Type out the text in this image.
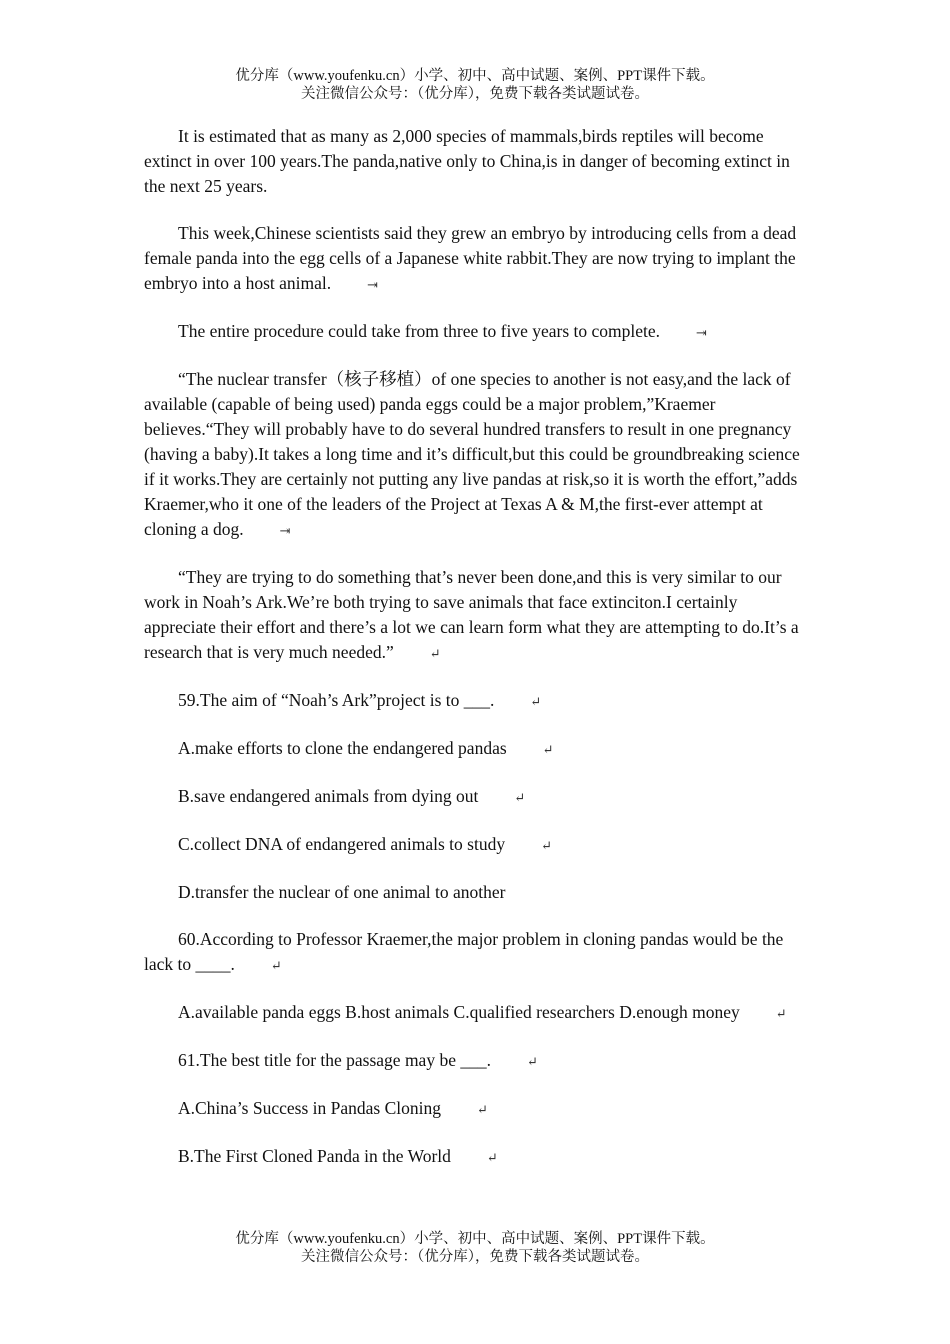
优分库（www.youfenku.cn）小学、初中、高中试题、案例、PPT课件下载。
关注微信公众号：（优分库），免费下载各类试题试卷。

It is estimated that as many as 2,000 species of mammals,birds reptiles will become extinct in over 100 years.The panda,native only to China,is in danger of becoming extinct in the next 25 years.

This week,Chinese scientists said they grew an embryo by introducing cells from a dead female panda into the egg cells of a Japanese white rabbit.They are now trying to implant the embryo into a host animal.	⇥

The entire procedure could take from three to five years to complete.	⇥

“The nuclear transfer（核子移植）of one species to another is not easy,and the lack of available (capable of being used) panda eggs could be a major problem,”Kraemer believes.“They will probably have to do several hundred transfers to result in one pregnancy (having a baby).It takes a long time and it’s difficult,but this could be groundbreaking science if it works.They are certainly not putting any live pandas at risk,so it is worth the effort,”adds Kraemer,who it one of the leaders of the Project at Texas A & M,the first-ever attempt at cloning a dog.	⇥

“They are trying to do something that’s never been done,and this is very similar to our work in Noah’s Ark.We’re both trying to save animals that face extinciton.I certainly appreciate their effort and there’s a lot we can learn form what they are attempting to do.It’s a research that is very much needed.”	↵

59.The aim of “Noah’s Ark”project is to ___.	↵

A.make efforts to clone the endangered pandas	↵

B.save endangered animals from dying out	↵

C.collect DNA of endangered animals to study	↵

D.transfer the nuclear of one animal to another

60.According to Professor Kraemer,the major problem in cloning pandas would be the lack to ____.	↵

A.available panda eggs B.host animals C.qualified researchers D.enough money	↵

61.The best title for the passage may be ___.	↵

A.China’s Success in Pandas Cloning	↵

B.The First Cloned Panda in the World	↵

优分库（www.youfenku.cn）小学、初中、高中试题、案例、PPT课件下载。
关注微信公众号：（优分库），免费下载各类试题试卷。
